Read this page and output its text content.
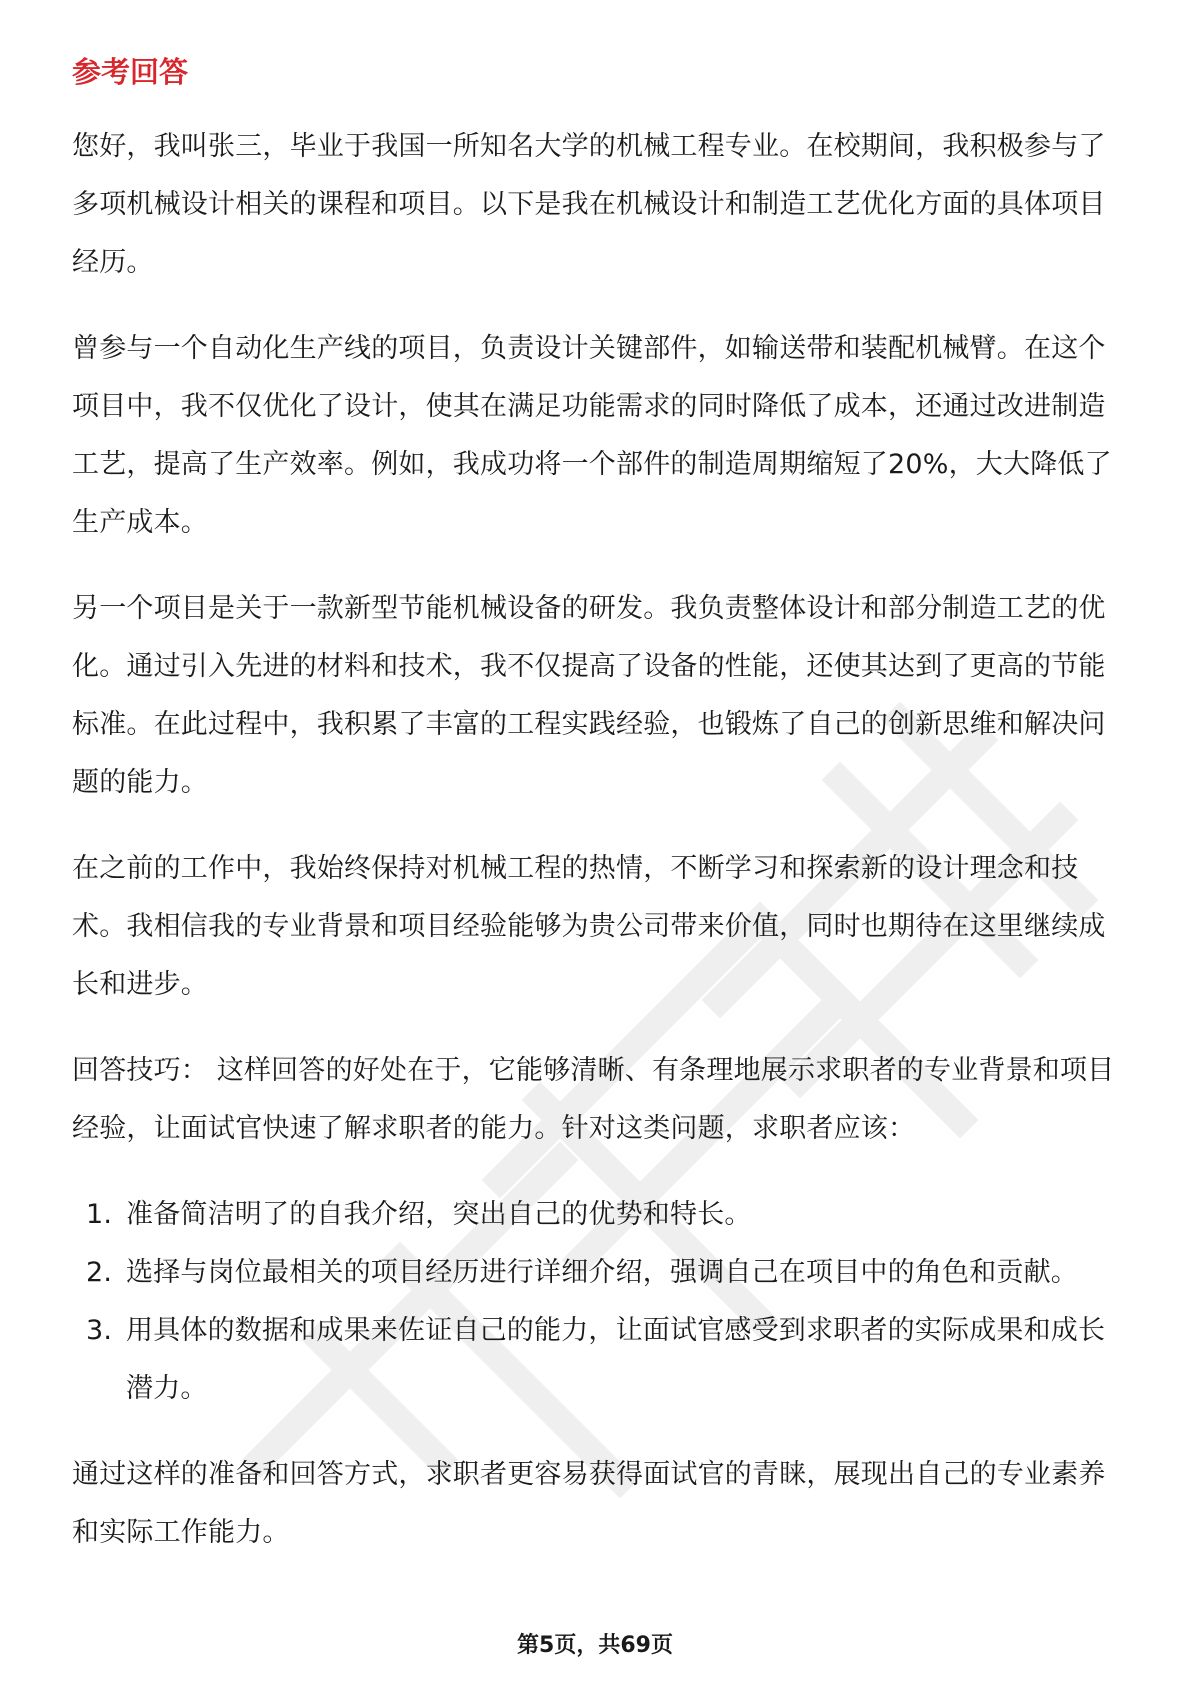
参考回答

您好，我叫张三，毕业于我国一所知名大学的机械工程专业。在校期间，我积极参与了多项机械设计相关的课程和项目。以下是我在机械设计和制造工艺优化方面的具体项目经历。

曾参与一个自动化生产线的项目，负责设计关键部件，如输送带和装配机械臂。在这个项目中，我不仅优化了设计，使其在满足功能需求的同时降低了成本，还通过改进制造工艺，提高了生产效率。例如，我成功将一个部件的制造周期缩短了20%，大大降低了生产成本。

另一个项目是关于一款新型节能机械设备的研发。我负责整体设计和部分制造工艺的优化。通过引入先进的材料和技术，我不仅提高了设备的性能，还使其达到了更高的节能标准。在此过程中，我积累了丰富的工程实践经验，也锻炼了自己的创新思维和解决问题的能力。

在之前的工作中，我始终保持对机械工程的热情，不断学习和探索新的设计理念和技术。我相信我的专业背景和项目经验能够为贵公司带来价值，同时也期待在这里继续成长和进步。

回答技巧： 这样回答的好处在于，它能够清晰、有条理地展示求职者的专业背景和项目经验，让面试官快速了解求职者的能力。针对这类问题，求职者应该：

1. 准备简洁明了的自我介绍，突出自己的优势和特长。
2. 选择与岗位最相关的项目经历进行详细介绍，强调自己在项目中的角色和贡献。
3. 用具体的数据和成果来佐证自己的能力，让面试官感受到求职者的实际成果和成长潜力。

通过这样的准备和回答方式，求职者更容易获得面试官的青睐，展现出自己的专业素养和实际工作能力。

第5页，共69页
